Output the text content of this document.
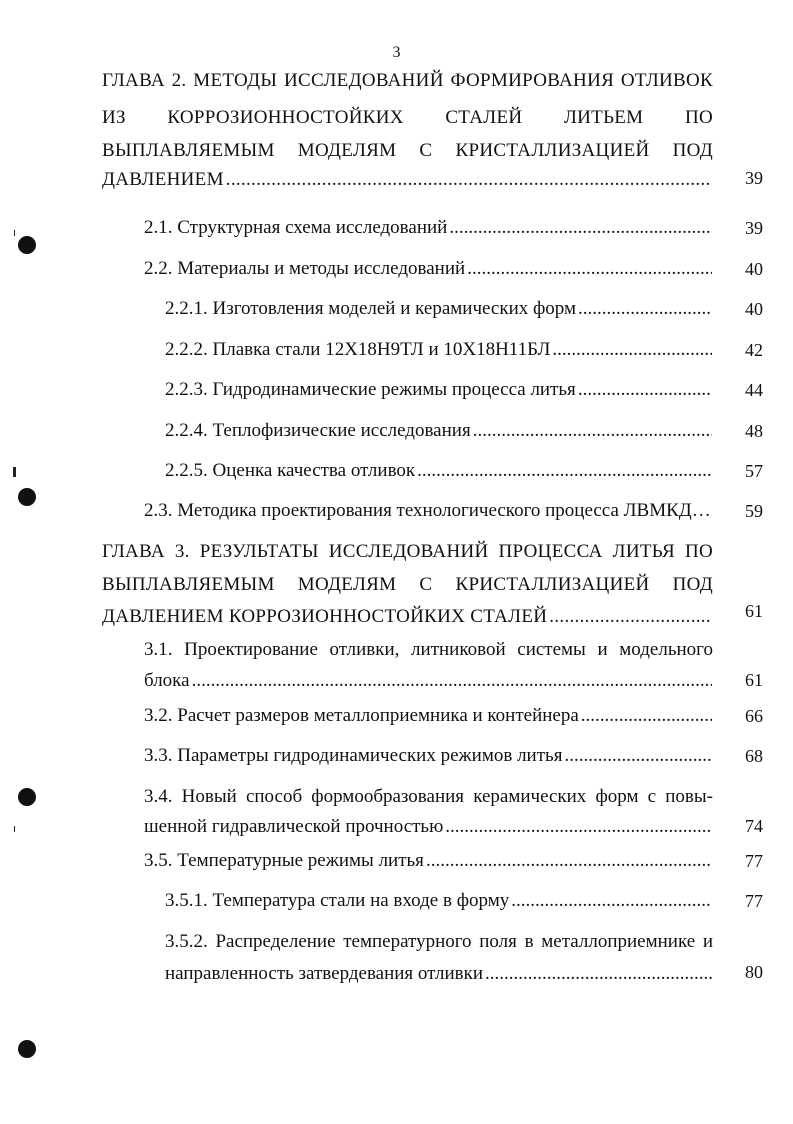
3
ГЛАВА 2. МЕТОДЫ ИССЛЕДОВАНИЙ ФОРМИРОВАНИЯ ОТЛИВОК
ИЗ КОРРОЗИОННОСТОЙКИХ СТАЛЕЙ ЛИТЬЕМ ПО
ВЫПЛАВЛЯЕМЫМ МОДЕЛЯМ С КРИСТАЛЛИЗАЦИЕЙ ПОД
ДАВЛЕНИЕМ .....	39
2.1. Структурная схема исследований .....	39
2.2. Материалы и методы исследований .....	40
2.2.1. Изготовления моделей и керамических форм .....	40
2.2.2. Плавка стали 12Х18Н9ТЛ и 10Х18Н11БЛ .....	42
2.2.3. Гидродинамические режимы процесса литья .....	44
2.2.4. Теплофизические исследования .....	48
2.2.5. Оценка качества отливок .....	57
2.3. Методика проектирования технологического процесса ЛВМКД…	59
ГЛАВА 3. РЕЗУЛЬТАТЫ ИССЛЕДОВАНИЙ ПРОЦЕССА ЛИТЬЯ ПО
ВЫПЛАВЛЯЕМЫМ МОДЕЛЯМ С КРИСТАЛЛИЗАЦИЕЙ ПОД
ДАВЛЕНИЕМ КОРРОЗИОННОСТОЙКИХ СТАЛЕЙ .....	61
3.1. Проектирование отливки, литниковой системы и модельного
блока .....	61
3.2. Расчет размеров металлоприемника и контейнера .....	66
3.3. Параметры гидродинамических режимов литья .....	68
3.4. Новый способ формообразования керамических форм с повы-
шенной гидравлической прочностью .....	74
3.5. Температурные режимы литья .....	77
3.5.1. Температура стали на входе в форму .....	77
3.5.2. Распределение температурного поля в металлоприемнике и
направленность затвердевания отливки .....	80
